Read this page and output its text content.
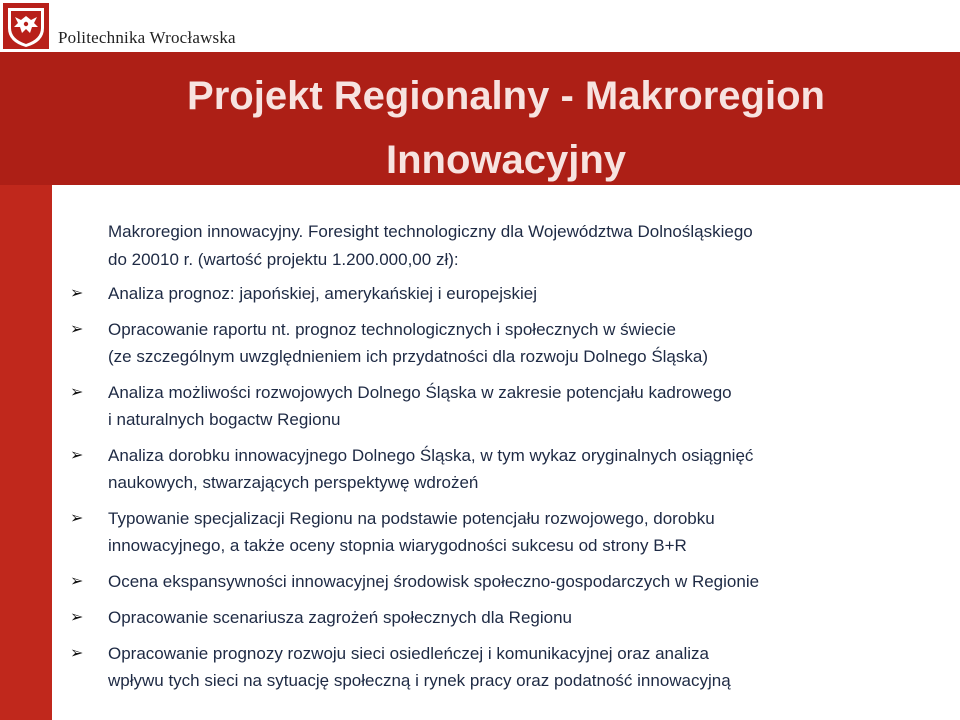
Politechnika Wrocławska
Projekt Regionalny - Makroregion
Innowacyjny
Makroregion innowacyjny. Foresight technologiczny dla Województwa Dolnośląskiego
do 20010 r. (wartość projektu 1.200.000,00 zł):
➢ Analiza prognoz: japońskiej, amerykańskiej i europejskiej
➢ Opracowanie raportu nt. prognoz technologicznych i społecznych w świecie
(ze szczególnym uwzględnieniem ich przydatności dla rozwoju Dolnego Śląska)
➢ Analiza możliwości rozwojowych Dolnego Śląska w zakresie potencjału kadrowego
i naturalnych bogactw Regionu
➢ Analiza dorobku innowacyjnego Dolnego Śląska, w tym wykaz oryginalnych osiągnięć
naukowych, stwarzających perspektywę wdrożeń
➢ Typowanie specjalizacji Regionu na podstawie potencjału rozwojowego, dorobku
innowacyjnego, a także oceny stopnia wiarygodności sukcesu od strony B+R
➢ Ocena ekspansywności innowacyjnej środowisk społeczno-gospodarczych w Regionie
➢ Opracowanie scenariusza zagrożeń społecznych dla Regionu
➢ Opracowanie prognozy rozwoju sieci osiedleńczej i komunikacyjnej oraz analiza
wpływu tych sieci na sytuację społeczną i rynek pracy oraz podatność innowacyjną
